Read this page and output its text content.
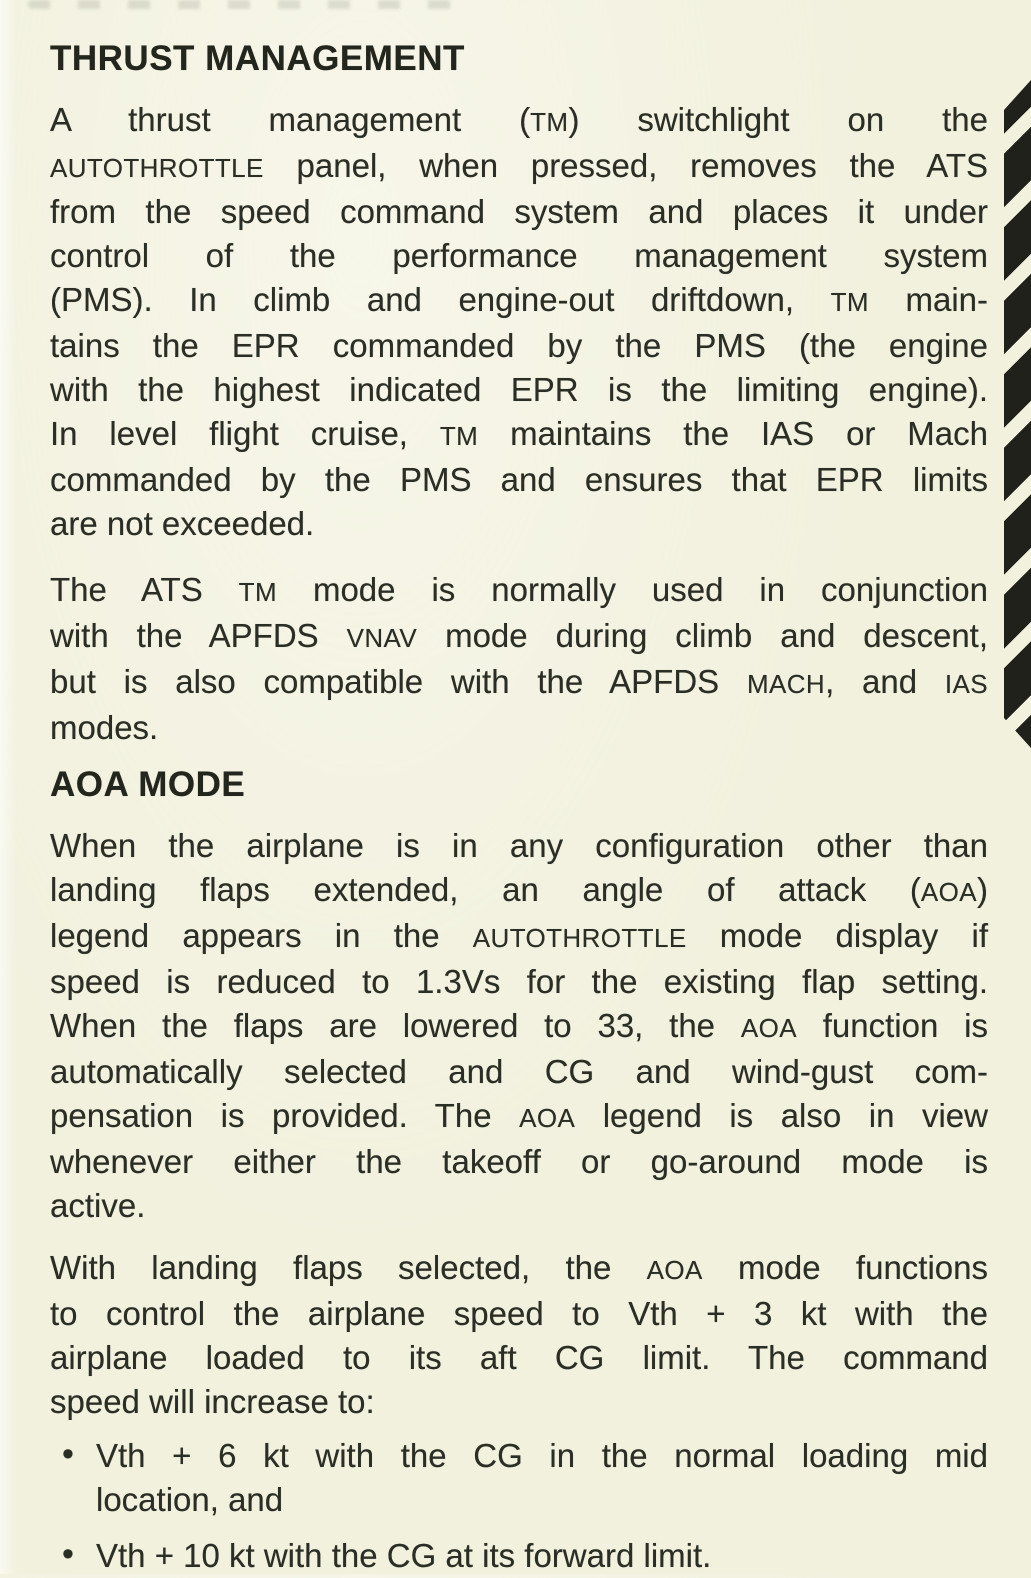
THRUST MANAGEMENT
A thrust management (TM) switchlight on the
AUTOTHROTTLE panel, when pressed, removes the ATS
from the speed command system and places it under
control of the performance management system
(PMS). In climb and engine-out driftdown, TM main-
tains the EPR commanded by the PMS (the engine
with the highest indicated EPR is the limiting engine).
In level flight cruise, TM maintains the IAS or Mach
commanded by the PMS and ensures that EPR limits
are not exceeded.
The ATS TM mode is normally used in conjunction
with the APFDS VNAV mode during climb and descent,
but is also compatible with the APFDS MACH, and IAS
modes.
AOA MODE
When the airplane is in any configuration other than
landing flaps extended, an angle of attack (AOA)
legend appears in the AUTOTHROTTLE mode display if
speed is reduced to 1.3Vs for the existing flap setting.
When the flaps are lowered to 33, the AOA function is
automatically selected and CG and wind-gust com-
pensation is provided. The AOA legend is also in view
whenever either the takeoff or go-around mode is
active.
With landing flaps selected, the AOA mode functions
to control the airplane speed to Vth + 3 kt with the
airplane loaded to its aft CG limit. The command
speed will increase to:
• Vth + 6 kt with the CG in the normal loading mid
location, and
• Vth + 10 kt with the CG at its forward limit.
